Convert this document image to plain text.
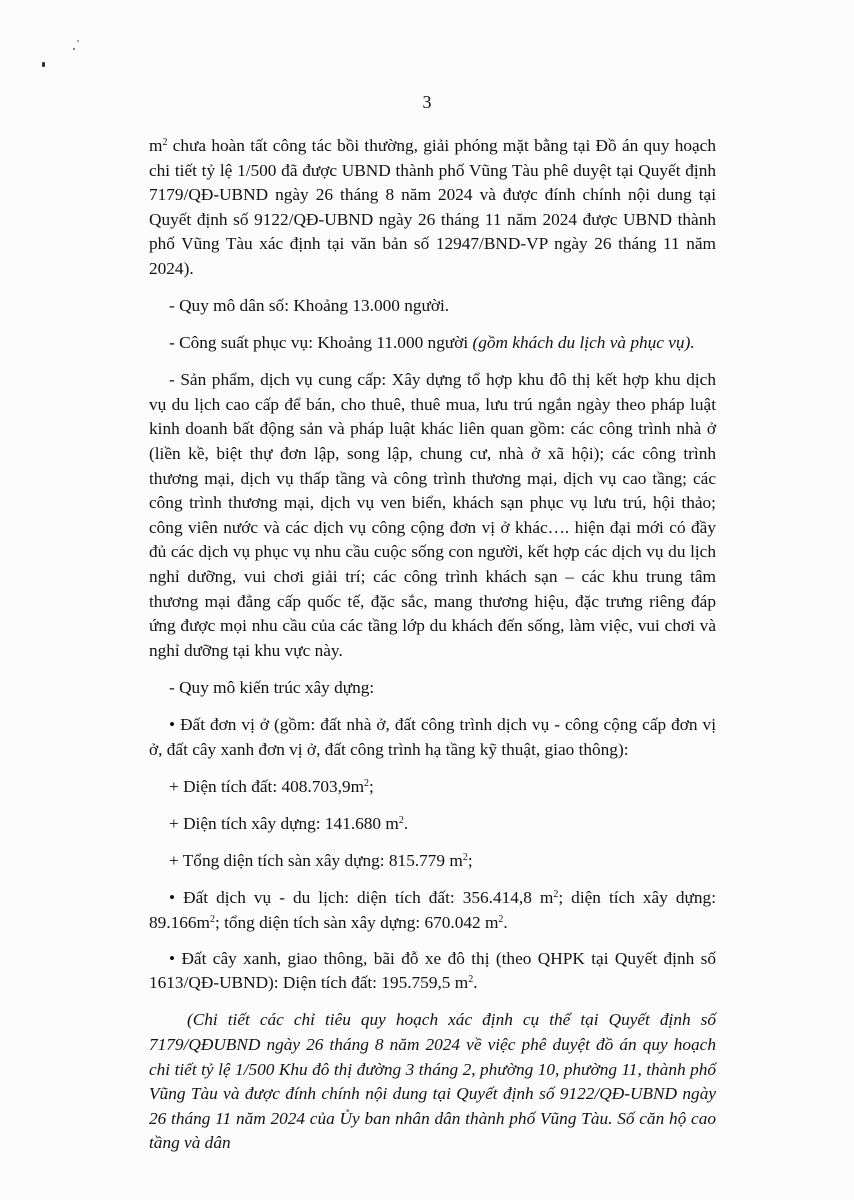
3

$m^2$ chưa hoàn tất công tác bồi thường, giải phóng mặt bằng tại Đồ án quy hoạch chi tiết tỷ lệ 1/500 đã được UBND thành phố Vũng Tàu phê duyệt tại Quyết định 7179/QĐ-UBND ngày 26 tháng 8 năm 2024 và được đính chính nội dung tại Quyết định số 9122/QĐ-UBND ngày 26 tháng 11 năm 2024 được UBND thành phố Vũng Tàu xác định tại văn bản số 12947/BND-VP ngày 26 tháng 11 năm 2024).

- Quy mô dân số: Khoảng 13.000 người.

- Công suất phục vụ: Khoảng 11.000 người (gồm khách du lịch và phục vụ).

- Sản phẩm, dịch vụ cung cấp: Xây dựng tổ hợp khu đô thị kết hợp khu dịch vụ du lịch cao cấp để bán, cho thuê, thuê mua, lưu trú ngắn ngày theo pháp luật kinh doanh bất động sản và pháp luật khác liên quan gồm: các công trình nhà ở (liền kề, biệt thự đơn lập, song lập, chung cư, nhà ở xã hội); các công trình thương mại, dịch vụ thấp tầng và công trình thương mại, dịch vụ cao tầng; các công trình thương mại, dịch vụ ven biển, khách sạn phục vụ lưu trú, hội thảo; công viên nước và các dịch vụ công cộng đơn vị ở khác…. hiện đại mới có đầy đủ các dịch vụ phục vụ nhu cầu cuộc sống con người, kết hợp các dịch vụ du lịch nghỉ dưỡng, vui chơi giải trí; các công trình khách sạn – các khu trung tâm thương mại đẳng cấp quốc tế, đặc sắc, mang thương hiệu, đặc trưng riêng đáp ứng được mọi nhu cầu của các tầng lớp du khách đến sống, làm việc, vui chơi và nghỉ dưỡng tại khu vực này.

- Quy mô kiến trúc xây dựng:

• Đất đơn vị ở (gồm: đất nhà ở, đất công trình dịch vụ - công cộng cấp đơn vị ở, đất cây xanh đơn vị ở, đất công trình hạ tầng kỹ thuật, giao thông):

+ Diện tích đất: $408.703,9m^2$;

+ Diện tích xây dựng: 141.680 $m^2$.

+ Tổng diện tích sàn xây dựng: 815.779 $m^2$;

• Đất dịch vụ - du lịch: diện tích đất: 356.414,8 $m^2$; diện tích xây dựng: $89.166m^2$; tổng diện tích sàn xây dựng: 670.042 $m^2$.

• Đất cây xanh, giao thông, bãi đỗ xe đô thị (theo QHPK tại Quyết định số 1613/QĐ-UBND): Diện tích đất: 195.759,5 $m^2$.

(Chi tiết các chỉ tiêu quy hoạch xác định cụ thể tại Quyết định số 7179/QĐUBND ngày 26 tháng 8 năm 2024 về việc phê duyệt đồ án quy hoạch chi tiết tỷ lệ 1/500 Khu đô thị đường 3 tháng 2, phường 10, phường 11, thành phố Vũng Tàu và được đính chính nội dung tại Quyết định số 9122/QĐ-UBND ngày 26 tháng 11 năm 2024 của Ủy ban nhân dân thành phố Vũng Tàu. Số căn hộ cao tầng và dân
